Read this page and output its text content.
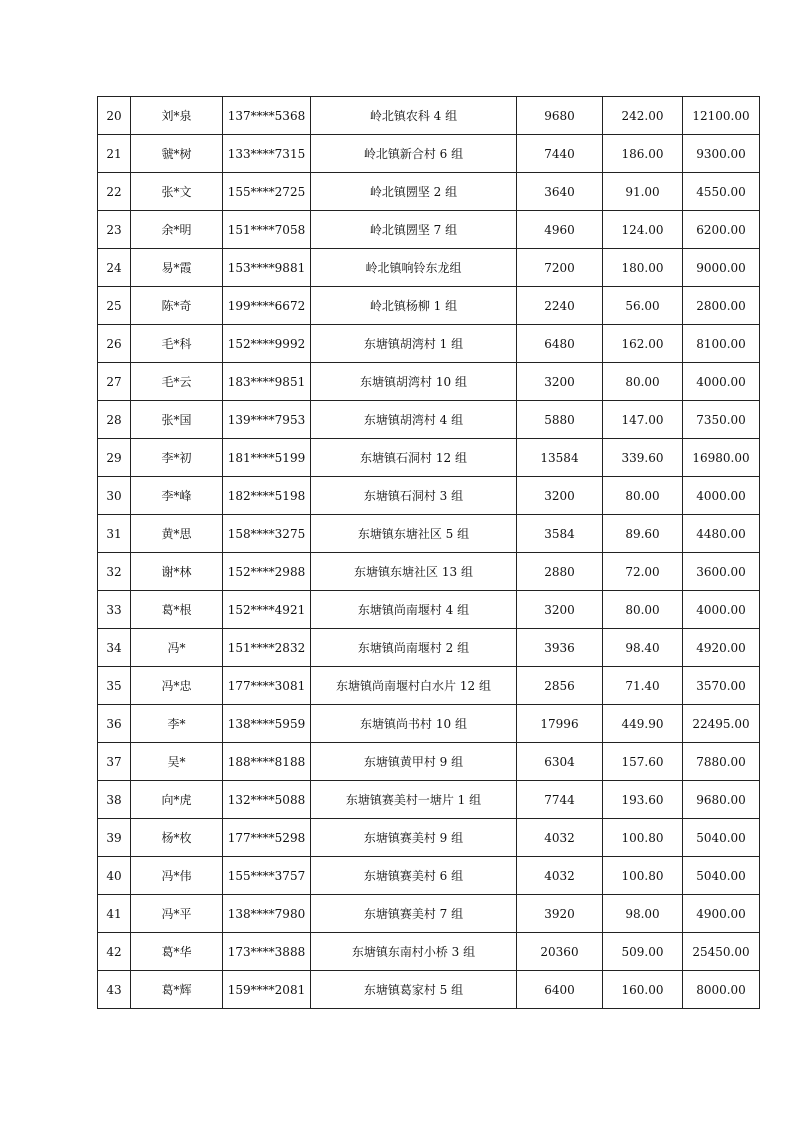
20	刘*泉	137****5368	岭北镇农科 4 组	9680	242.00	12100.00
21	虢*树	133****7315	岭北镇新合村 6 组	7440	186.00	9300.00
22	张*文	155****2725	岭北镇圐坚 2 组	3640	91.00	4550.00
23	余*明	151****7058	岭北镇圐坚 7 组	4960	124.00	6200.00
24	易*霞	153****9881	岭北镇响铃东龙组	7200	180.00	9000.00
25	陈*奇	199****6672	岭北镇杨柳 1 组	2240	56.00	2800.00
26	毛*科	152****9992	东塘镇胡湾村 1 组	6480	162.00	8100.00
27	毛*云	183****9851	东塘镇胡湾村 10 组	3200	80.00	4000.00
28	张*国	139****7953	东塘镇胡湾村 4 组	5880	147.00	7350.00
29	李*初	181****5199	东塘镇石洞村 12 组	13584	339.60	16980.00
30	李*峰	182****5198	东塘镇石洞村 3 组	3200	80.00	4000.00
31	黄*思	158****3275	东塘镇东塘社区 5 组	3584	89.60	4480.00
32	谢*林	152****2988	东塘镇东塘社区 13 组	2880	72.00	3600.00
33	葛*根	152****4921	东塘镇尚南堰村 4 组	3200	80.00	4000.00
34	冯*	151****2832	东塘镇尚南堰村 2 组	3936	98.40	4920.00
35	冯*忠	177****3081	东塘镇尚南堰村白水片 12 组	2856	71.40	3570.00
36	李*	138****5959	东塘镇尚书村 10 组	17996	449.90	22495.00
37	吴*	188****8188	东塘镇黄甲村 9 组	6304	157.60	7880.00
38	向*虎	132****5088	东塘镇赛美村一塘片 1 组	7744	193.60	9680.00
39	杨*枚	177****5298	东塘镇赛美村 9 组	4032	100.80	5040.00
40	冯*伟	155****3757	东塘镇赛美村 6 组	4032	100.80	5040.00
41	冯*平	138****7980	东塘镇赛美村 7 组	3920	98.00	4900.00
42	葛*华	173****3888	东塘镇东南村小桥 3 组	20360	509.00	25450.00
43	葛*辉	159****2081	东塘镇葛家村 5 组	6400	160.00	8000.00
